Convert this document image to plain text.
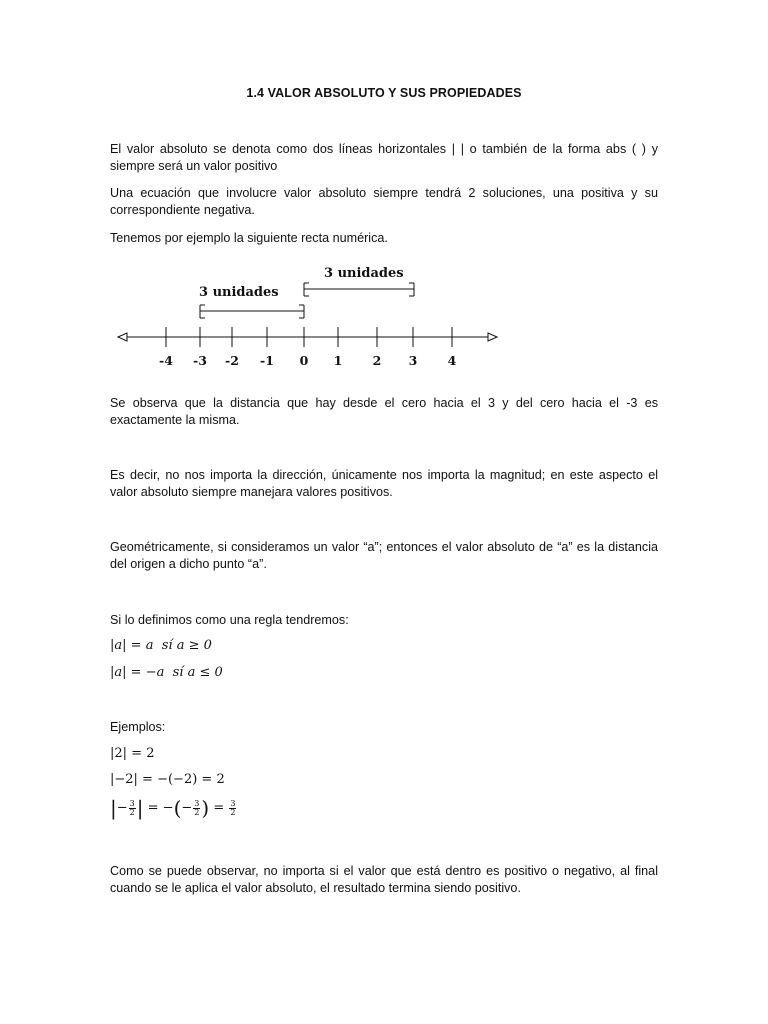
1.4 VALOR ABSOLUTO Y SUS PROPIEDADES

El valor absoluto se denota como dos líneas horizontales | | o también de la forma abs ( ) y siempre será un valor positivo

Una ecuación que involucre valor absoluto siempre tendrá 2 soluciones, una positiva y su correspondiente negativa.

Tenemos por ejemplo la siguiente recta numérica.

3 unidades
3 unidades
-4 -3 -2 -1 0 1 2 3 4

Se observa que la distancia que hay desde el cero hacia el 3 y del cero hacia el -3 es exactamente la misma.

Es decir, no nos importa la dirección, únicamente nos importa la magnitud; en este aspecto el valor absoluto siempre manejara valores positivos.

Geométricamente, si consideramos un valor “a”; entonces el valor absoluto de “a” es la distancia del origen a dicho punto “a”.

Si lo definimos como una regla tendremos:

|a| = a sí a ≥ 0
|a| = −a sí a ≤ 0

Ejemplos:

|2| = 2
|−2| = −(−2) = 2
|− $\frac{3}{2}$ | = −(− $\frac{3}{2}$ ) = $\frac{3}{2}$

Como se puede observar, no importa si el valor que está dentro es positivo o negativo, al final cuando se le aplica el valor absoluto, el resultado termina siendo positivo.
